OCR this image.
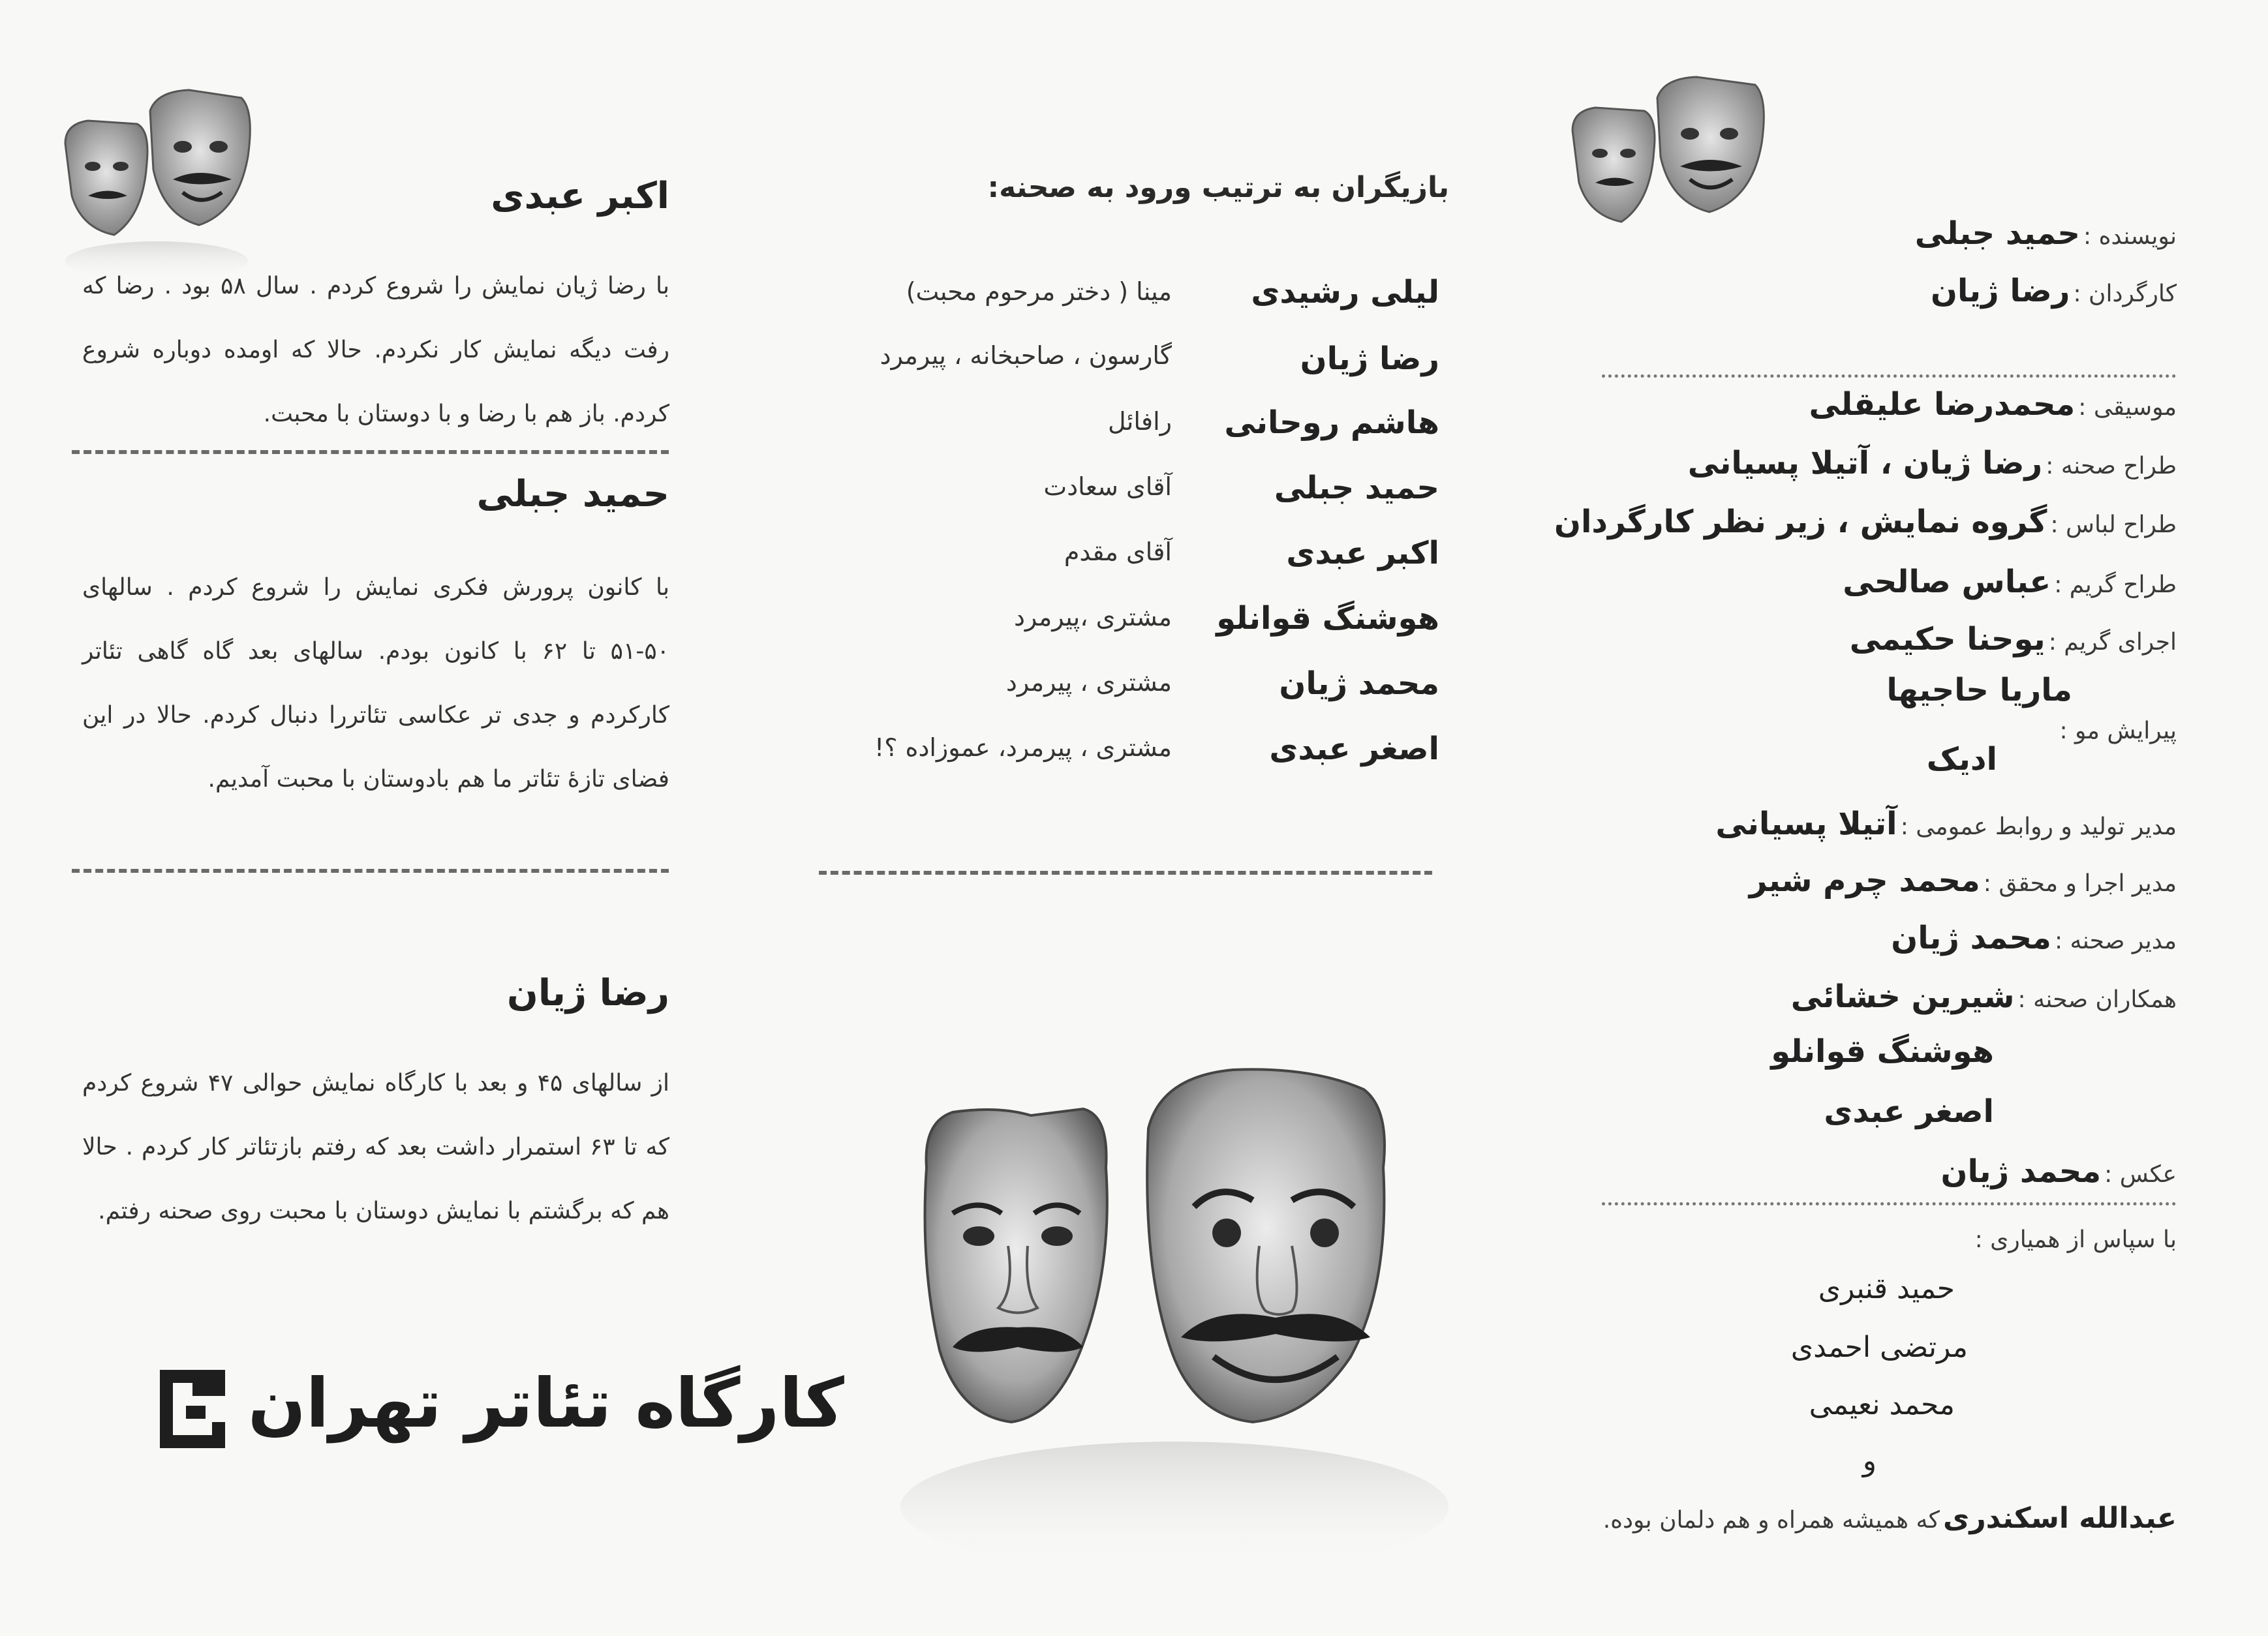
نویسنده : حمید جبلی
کارگردان : رضا ژیان
موسیقی : محمدرضا علیقلی
طراح صحنه : رضا ژیان ، آتیلا پسیانی
طراح لباس : گروه نمایش ، زیر نظر کارگردان
طراح گریم : عباس صالحی
اجرای گریم : یوحنا حکیمی
ماریا حاجیها
پیرایش مو :
ادیک
مدیر تولید و روابط عمومی : آتیلا پسیانی
مدیر اجرا و محقق : محمد چرم شیر
مدیر صحنه : محمد ژیان
همکاران صحنه : شیرین خشائی
هوشنگ قوانلو
اصغر عبدی
عکس : محمد ژیان
با سپاس از همیاری :
حمید قنبری
مرتضی احمدی
محمد نعیمی
و
عبدالله اسکندری که همیشه همراه و هم دلمان بوده.
بازیگران به ترتیب ورود به صحنه:
لیلی رشیدی
مینا ( دختر مرحوم محبت)
رضا ژیان
گارسون ، صاحبخانه ، پیرمرد
هاشم روحانی
رافائل
حمید جبلی
آقای سعادت
اکبر عبدی
آقای مقدم
هوشنگ قوانلو
مشتری ،پیرمرد
محمد ژیان
مشتری ، پیرمرد
اصغر عبدی
مشتری ، پیرمرد، عموزاده ؟!
اکبر عبدی
با رضا ژیان نمایش را شروع کردم . سال ۵۸ بود . رضا که رفت دیگه نمایش کار نکردم. حالا که اومده دوباره شروع کردم. باز هم با رضا و با دوستان با محبت.
حمید جبلی
با کانون پرورش فکری نمایش را شروع کردم . سالهای ۵۰-۵۱ تا ۶۲ با کانون بودم. سالهای بعد گاه گاهی تئاتر کارکردم و جدی تر عکاسی تئاتررا دنبال کردم. حالا در این فضای تازهٔ تئاتر ما هم بادوستان با محبت آمدیم.
رضا ژیان
از سالهای ۴۵ و بعد با کارگاه نمایش حوالی ۴۷ شروع کردم که تا ۶۳ استمرار داشت بعد که رفتم بازتئاتر کار کردم . حالا هم که برگشتم با نمایش دوستان با محبت روی صحنه رفتم.
کارگاه تئاتر تهران
